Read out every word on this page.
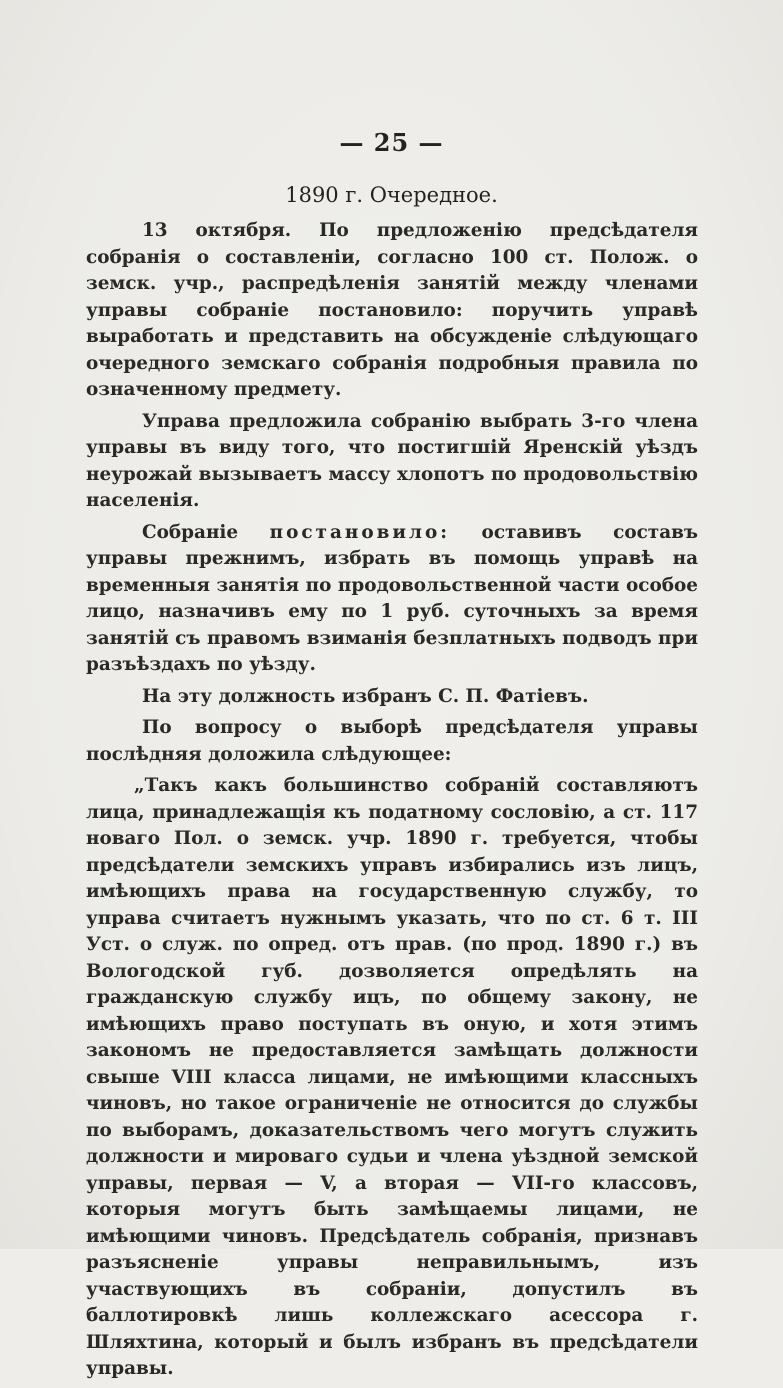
— 25 —
1890 г. Очередное.

13 октября. По предложенію предсѣдателя собранія о составленіи, согласно 100 ст. Полож. о земск. учр., распредѣленія занятій между членами управы собраніе постановило: поручить управѣ выработать и представить на обсужденіе слѣдующаго очередного земскаго собранія подробныя правила по означенному предмету.

Управа предложила собранію выбрать 3-го члена управы въ виду того, что постигшій Яренскій уѣздъ неурожай вызываетъ массу хлопотъ по продовольствію населенія.

Собраніе постановило: оставивъ составъ управы прежнимъ, избрать въ помощь управѣ на временныя занятія по продовольственной части особое лицо, назначивъ ему по 1 руб. суточныхъ за время занятій съ правомъ взиманія безплатныхъ подводъ при разъѣздахъ по уѣзду.

На эту должность избранъ С. П. Фатіевъ.

По вопросу о выборѣ предсѣдателя управы послѣдняя доложила слѣдующее:

„Такъ какъ большинство собраній составляютъ лица, принадлежащія къ податному сословію, а ст. 117 новаго Пол. о земск. учр. 1890 г. требуется, чтобы предсѣдатели земскихъ управъ избирались изъ лицъ, имѣющихъ права на государственную службу, то управа считаетъ нужнымъ указать, что по ст. 6 т. III Уст. о служ. по опред. отъ прав. (по прод. 1890 г.) въ Вологодской губ. дозволяется опредѣлять на гражданскую службу ицъ, по общему закону, не имѣющихъ право поступать въ оную, и хотя этимъ закономъ не предоставляется замѣщать должности свыше VIII класса лицами, не имѣющими классныхъ чиновъ, но такое ограниченіе не относится до службы по выборамъ, доказательствомъ чего могутъ служить должности и мироваго судьи и члена уѣздной земской управы, первая — V, а вторая — VII-го классовъ, которыя могутъ быть замѣщаемы лицами, не имѣющими чиновъ. Предсѣдатель собранія, признавъ разъясненіе управы неправильнымъ, изъ участвующихъ въ собраніи, допустилъ въ баллотировкѣ лишь коллежскаго асессора г. Шляхтина, который и былъ избранъ въ предсѣдатели управы.
